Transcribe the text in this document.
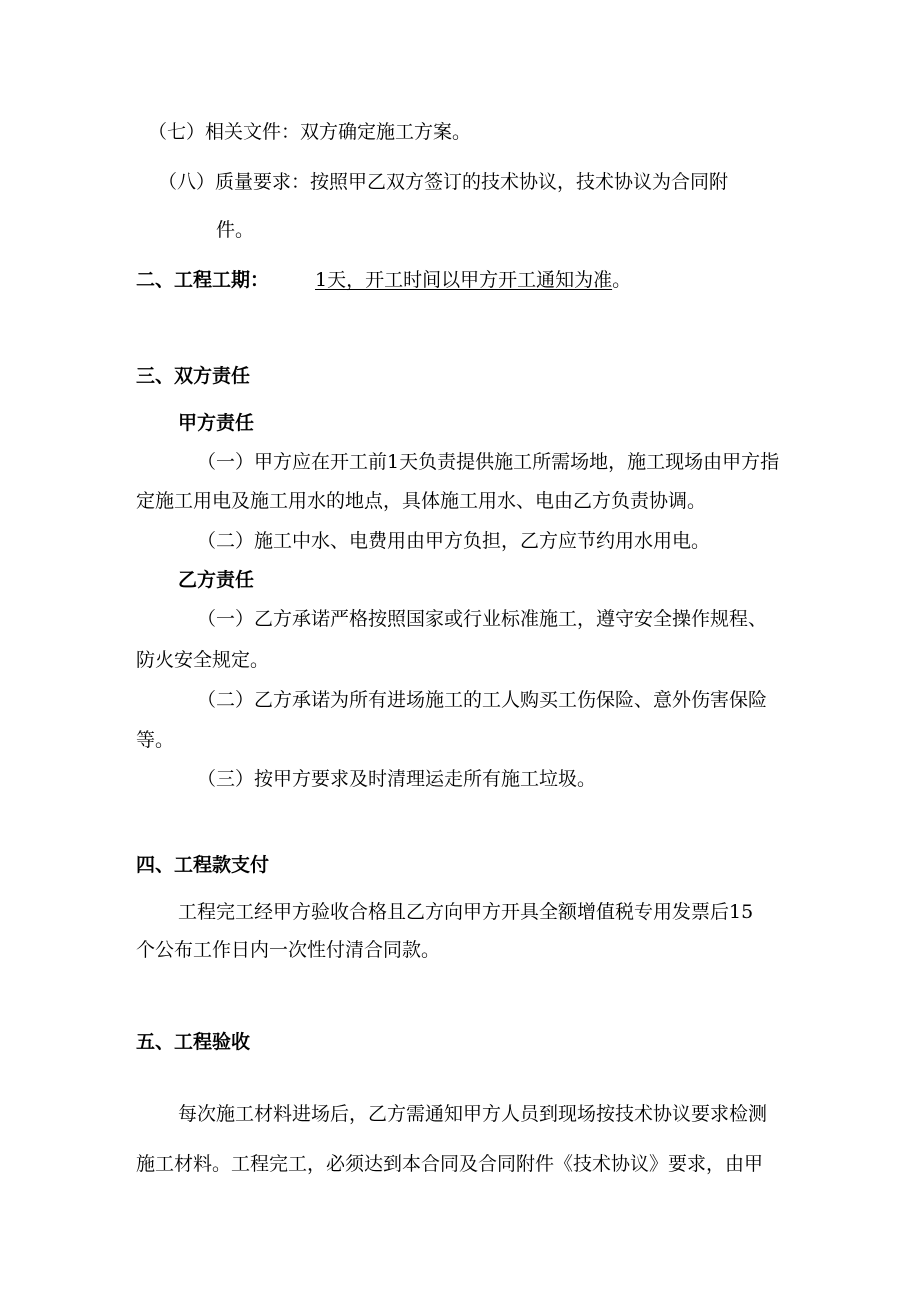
（七）相关文件：双方确定施工方案。
（八）质量要求：按照甲乙双方签订的技术协议，技术协议为合同附
件。
二、工程工期： 1天，开工时间以甲方开工通知为准。
三、双方责任
甲方责任
（一）甲方应在开工前1天负责提供施工所需场地，施工现场由甲方指
定施工用电及施工用水的地点，具体施工用水、电由乙方负责协调。
（二）施工中水、电费用由甲方负担，乙方应节约用水用电。
乙方责任
（一）乙方承诺严格按照国家或行业标准施工，遵守安全操作规程、
防火安全规定。
（二）乙方承诺为所有进场施工的工人购买工伤保险、意外伤害保险
等。
（三）按甲方要求及时清理运走所有施工垃圾。
四、工程款支付
工程完工经甲方验收合格且乙方向甲方开具全额增值税专用发票后15
个公布工作日内一次性付清合同款。
五、工程验收
每次施工材料进场后，乙方需通知甲方人员到现场按技术协议要求检测
施工材料。工程完工，必须达到本合同及合同附件《技术协议》要求，由甲
